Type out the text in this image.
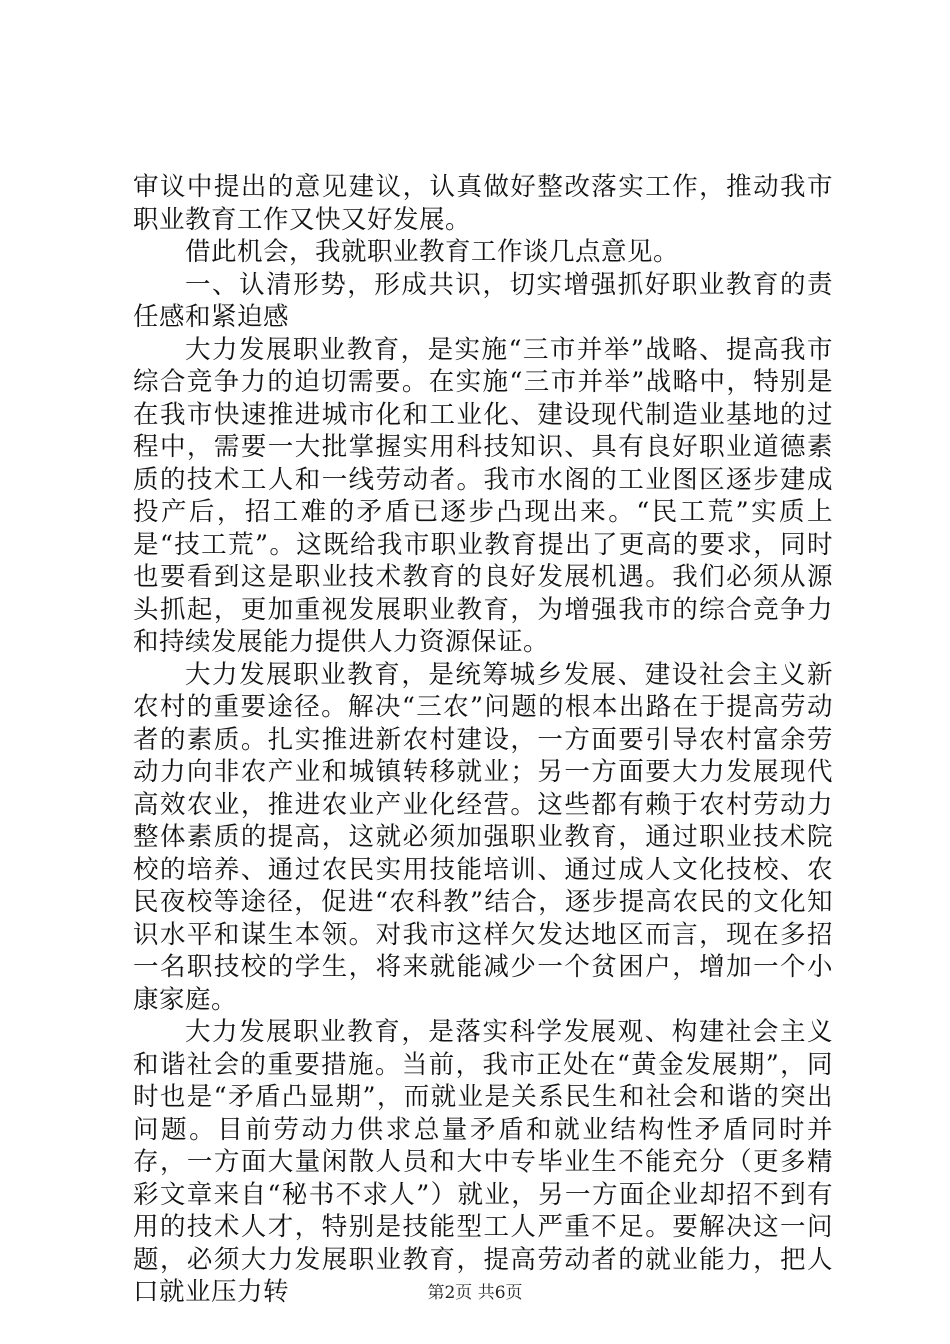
审议中提出的意见建议，认真做好整改落实工作，推动我市职业教育工作又快又好发展。

借此机会，我就职业教育工作谈几点意见。

一、认清形势，形成共识，切实增强抓好职业教育的责任感和紧迫感

大力发展职业教育，是实施“三市并举”战略、提高我市综合竞争力的迫切需要。在实施“三市并举”战略中，特别是在我市快速推进城市化和工业化、建设现代制造业基地的过程中，需要一大批掌握实用科技知识、具有良好职业道德素质的技术工人和一线劳动者。我市水阁的工业图区逐步建成投产后，招工难的矛盾已逐步凸现出来。“民工荒”实质上是“技工荒”。这既给我市职业教育提出了更高的要求，同时也要看到这是职业技术教育的良好发展机遇。我们必须从源头抓起，更加重视发展职业教育，为增强我市的综合竞争力和持续发展能力提供人力资源保证。

大力发展职业教育，是统筹城乡发展、建设社会主义新农村的重要途径。解决“三农”问题的根本出路在于提高劳动者的素质。扎实推进新农村建设，一方面要引导农村富余劳动力向非农产业和城镇转移就业；另一方面要大力发展现代高效农业，推进农业产业化经营。这些都有赖于农村劳动力整体素质的提高，这就必须加强职业教育，通过职业技术院校的培养、通过农民实用技能培训、通过成人文化技校、农民夜校等途径，促进“农科教”结合，逐步提高农民的文化知识水平和谋生本领。对我市这样欠发达地区而言，现在多招一名职技校的学生，将来就能减少一个贫困户，增加一个小康家庭。

大力发展职业教育，是落实科学发展观、构建社会主义和谐社会的重要措施。当前，我市正处在“黄金发展期”，同时也是“矛盾凸显期”，而就业是关系民生和社会和谐的突出问题。目前劳动力供求总量矛盾和就业结构性矛盾同时并存，一方面大量闲散人员和大中专毕业生不能充分（更多精彩文章来自“秘书不求人”）就业，另一方面企业却招不到有用的技术人才，特别是技能型工人严重不足。要解决这一问题，必须大力发展职业教育，提高劳动者的就业能力，把人口就业压力转	第2页 共6页
